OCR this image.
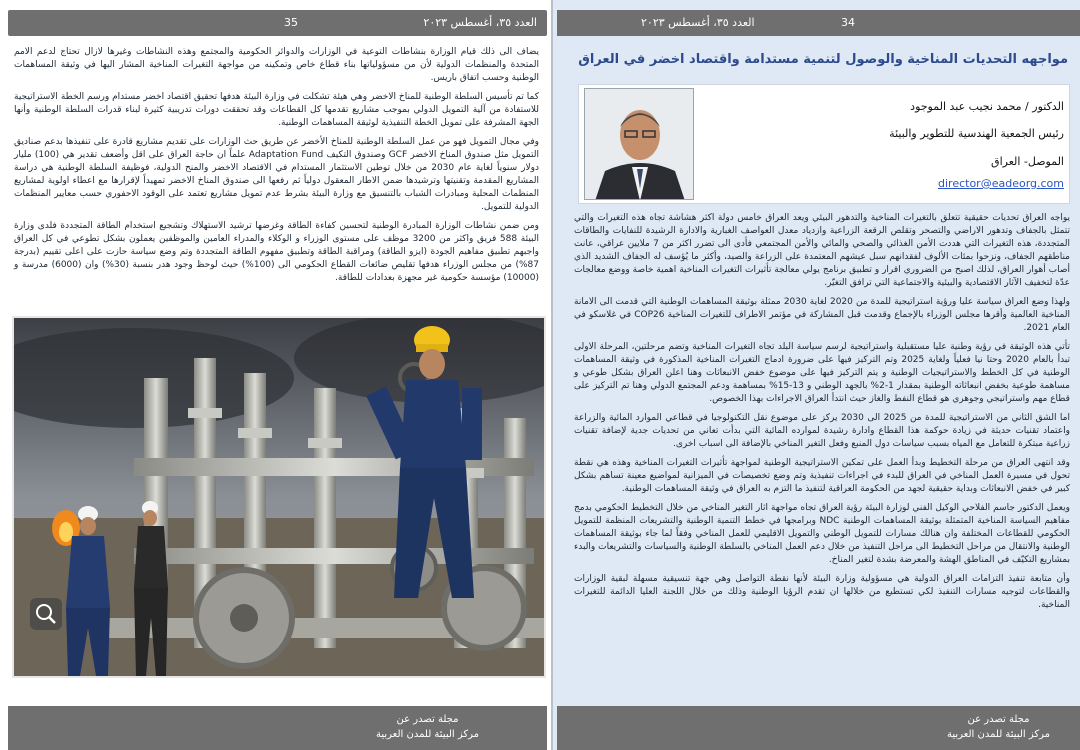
35	العدد ٣٥، أغسطس ٢٠٢٣

يضاف الى ذلك قيام الوزارة بنشاطات التوعية في الوزارات والدوائر الحكومية والمجتمع وهذه النشاطات وغيرها لازال تحتاج لدعم الامم المتحدة والمنظمات الدولية لأن من مسؤولياتها بناء قطاع خاص وتمكينه من مواجهة التغيرات المناخية المشار اليها في وثيقة المساهمات الوطنية وحسب اتفاق باريس.

كما تم تأسيس السلطة الوطنية للمناخ الاخضر وهي هيئة تشكلت في وزارة البيئة هدفها تحقيق اقتصاد اخضر مستدام ورسم الخطة الاستراتيجية للاستفادة من آلية التمويل الدولي بموجب مشاريع تقدمها كل القطاعات وقد تحققت دورات تدريبية كثيرة لبناء قدرات السلطة الوطنية وأنها الجهة المشرفة على تمويل الخطة التنفيذية لوثيقة المساهمات الوطنية.

وفي مجال التمويل فهو من عمل السلطة الوطنية للمناخ الأخضر عن طريق حث الوزارات على تقديم مشاريع قادرة على تنفيذها بدعم صناديق التمويل مثل صندوق المناخ الاخضر GCF وصندوق التكيف Adaptation Fund علماً ان حاجة العراق على اقل وأضعف تقدير هي (100) مليار دولار سنوياً لغاية عام 2030 من خلال توطين الاستثمار المستدام في الاقتصاد الاخضر والمنح الدولية، فوظيفة السلطة الوطنية هي دراسة المشاريع المقدمة وتقنيتها وترشيدها ضمن الاطار المعقول دولياً ثم رفعها الى صندوق المناخ الاخضر تمهيداً لإقرارها مع اعطاء اولوية لمشاريع المنظمات المحلية ومبادرات الشباب بالتنسيق مع وزارة البيئة بشرط عدم تمويل مشاريع تعتمد على الوقود الاحفوري حسب معايير المنظمات الدولية للتمويل.

ومن ضمن نشاطات الوزارة المبادرة الوطنية لتحسين كفاءة الطاقة وغرضها ترشيد الاستهلاك وتشجيع استخدام الطاقة المتجددة فلدى وزارة البيئة 588 فريق واكثر من 3200 موظف على مستوى الوزراء و الوكلاء والمدراء العامين والموظفين يعملون بشكل تطوعي في كل العراق واجبهم تطبيق مفاهيم الجودة (ايزو الطاقة) ومراقبة الطاقة وتطبيق مفهوم الطاقة المتجددة وتم وضع سياسة حازت على اعلى تقييم (بدرجة 87%) من مجلس الوزراء هدفها تقليص ضائعات القطاع الحكومي الى (100%) حيث لوحظ وجود هدر بنسبة (30%) وان (6000) مدرسة و (10000) مؤسسة حكومية غير مجهزة بعدادات للطاقة.

مجلة تصدر عن
مركز البيئة للمدن العربية
العدد ٣٥، أغسطس ٢٠٢٣	34
مجلة تصدر عن
مركز البيئة للمدن العربية
مواجهه التحديات المناخية والوصول لتنمية مستدامة واقتصاد اخضر في العراق
الدكتور / محمد نجيب عبد الموجود
رئيس الجمعية الهندسية للتطوير والبيئة
الموصل- العراق
director@eadeorg.com

يواجه العراق تحديات حقيقية تتعلق بالتغيرات المناخية والتدهور البيئي ويعد العراق خامس دولة اكثر هشاشة تجاه هذه التغيرات والتي تتمثل بالجفاف وتدهور الاراضي والتصحر وتقلص الرقعة الزراعية وازدياد معدل العواصف الغبارية والادارة الرشيدة للنفايات والطاقات المتجددة، هذه التغيرات التي هددت الأمن الغذائي والصحي والمائي والأمن المجتمعي فأدى الى تضرر اكثر من 7 ملايين عراقي، عانت مناطقهم الجفاف، ونزحوا بمئات الألوف لفقدانهم سبل عيشهم المعتمدة على الزراعة والصيد، وأكثر ما يُؤسف له الجفاف الشديد الذي أصاب أهوار العراق، لذلك اصبح من الضروري اقرار و تطبيق برنامج يولي معالجة تأثيرات التغيرات المناخية اهمية خاصة ووضع معالجات عدّة لتخفيف الآثار الاقتصادية والبيئية والاجتماعية التي ترافق التغيّر.

ولهذا وضع العراق سياسة عليا ورؤية استراتيجية للمدة من 2020 لغاية 2030 ممثلة بوثيقة المساهمات الوطنية التي قدمت الى الامانة المناخية العالمية وأقرها مجلس الوزراء بالإجماع وقدمت قبل المشاركة في مؤتمر الاطراف للتغيرات المناخية COP26 في غلاسكو في العام 2021.

تأتي هذه الوثيقة في رؤية وطنية عليا مستقبلية واستراتيجية لرسم سياسة البلد تجاه التغيرات المناخية وتضم مرحلتين، المرحلة الاولى تبدأ بالعام 2020 وحتا نيا فعلياً ولغاية 2025 وتم التركيز فيها على ضرورة ادماج التغيرات المناخية المذكورة في وثيقة المساهمات الوطنية في كل الخطط والاستراتيجيات الوطنية و يتم التركيز فيها على موضوع خفض الانبعاثات وهنا اعلن العراق بشكل طوعي و مساهمة طوعية بخفض انبعاثاته الوطنية بمقدار 1-2% بالجهد الوطني و 13-15% بمساهمة ودعم المجتمع الدولي وهنا تم التركيز على قطاع مهم واستراتيجي وجوهري هو قطاع النفط والغاز حيث انتدأ العراق الاجراءات بهذا الخصوص.

اما الشق الثاني من الاستراتيجية للمدة من 2025 الى 2030 يركز على موضوع نقل التكنولوجيا في قطاعي الموارد المائية والزراعة واعتماد تقنيات حديثة في زيادة حوكمة هذا القطاع وادارة رشيدة لموارده المائية التي بدأت تعاني من تحديات جدية لإضافة تقنيات زراعية مبتكرة للتعامل مع المياه بسبب سياسات دول المنبع وفعل التغير المناخي بالإضافة الى اسباب اخرى.

وقد انتهى العراق من مرحلة التخطيط وبدأ العمل على تمكين الاستراتيجية الوطنية لمواجهة تأثيرات التغيرات المناخية وهذه هي نقطة تحول في مسيرة العمل المناخي في العراق للبدء في اجراءات تنفيذية وتم وضع تخصيصات في الميزانية لمواضيع معينة تساهم بشكل كبير في خفض الانبعاثات وبداية حقيقية لجهد من الحكومة العراقية لتنفيذ ما التزم به العراق في وثيقة المساهمات الوطنية.

ويعمل الدكتور جاسم الفلاحي الوكيل الفني لوزارة البيئة رؤية العراق تجاه مواجهة اثار التغير المناخي من خلال التخطيط الحكومي بدمج مفاهيم السياسة المناخية المتمثلة بوثيقة المساهمات الوطنية NDC وبرامجها في خطط التنمية الوطنية والتشريعات المنظمة للتمويل الحكومي للقطاعات المختلفة وان هنالك مسارات للتمويل الوطني والتمويل الاقليمي للعمل المناخي وفقاً لما جاء بوثيقة المساهمات الوطنية والانتقال من مراحل التخطيط الى مراحل التنفيذ من خلال دعم العمل المناخي بالسلطة الوطنية والسياسات والتشريعات والبدء بمشاريع التكيّف في المناطق الهشة والمعرضة بشدة لتغير المناخ.

وأن متابعة تنفيذ التزامات العراق الدولية هي مسؤولية وزارة البيئة لأنها نقطة التواصل وهي جهة تنسيقية مسهلة لبقية الوزارات والقطاعات لتوجيه مسارات التنفيذ لكي تستطيع من خلالها ان تقدم الرؤيا الوطنية وذلك من خلال اللجنة العليا الدائمة للتغيرات المناخية.
